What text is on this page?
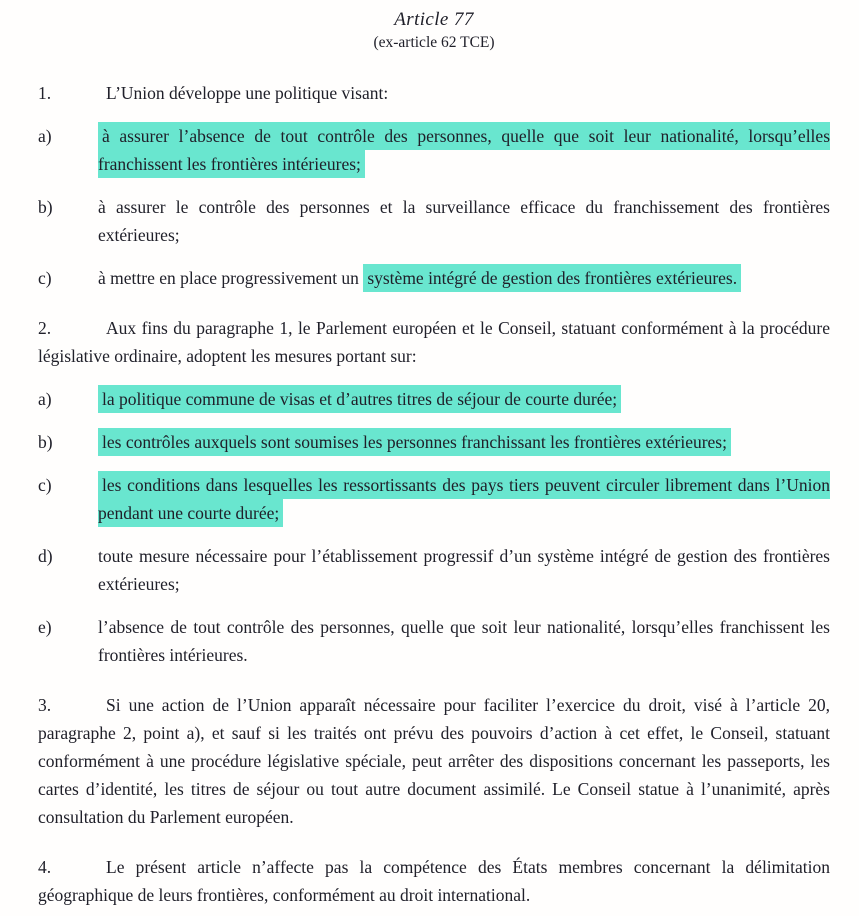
Article 77
(ex-article 62 TCE)

1.	L’Union développe une politique visant:

a)	à assurer l’absence de tout contrôle des personnes, quelle que soit leur nationalité, lorsqu’elles franchissent les frontières intérieures;
b)	à assurer le contrôle des personnes et la surveillance efficace du franchissement des frontières extérieures;
c)	à mettre en place progressivement un système intégré de gestion des frontières extérieures.

2.	Aux fins du paragraphe 1, le Parlement européen et le Conseil, statuant conformément à la procédure législative ordinaire, adoptent les mesures portant sur:

a)	la politique commune de visas et d’autres titres de séjour de courte durée;
b)	les contrôles auxquels sont soumises les personnes franchissant les frontières extérieures;
c)	les conditions dans lesquelles les ressortissants des pays tiers peuvent circuler librement dans l’Union pendant une courte durée;
d)	toute mesure nécessaire pour l’établissement progressif d’un système intégré de gestion des frontières extérieures;
e)	l’absence de tout contrôle des personnes, quelle que soit leur nationalité, lorsqu’elles franchissent les frontières intérieures.

3.	Si une action de l’Union apparaît nécessaire pour faciliter l’exercice du droit, visé à l’article 20, paragraphe 2, point a), et sauf si les traités ont prévu des pouvoirs d’action à cet effet, le Conseil, statuant conformément à une procédure législative spéciale, peut arrêter des dispositions concernant les passeports, les cartes d’identité, les titres de séjour ou tout autre document assimilé. Le Conseil statue à l’unanimité, après consultation du Parlement européen.

4.	Le présent article n’affecte pas la compétence des États membres concernant la délimitation géographique de leurs frontières, conformément au droit international.
